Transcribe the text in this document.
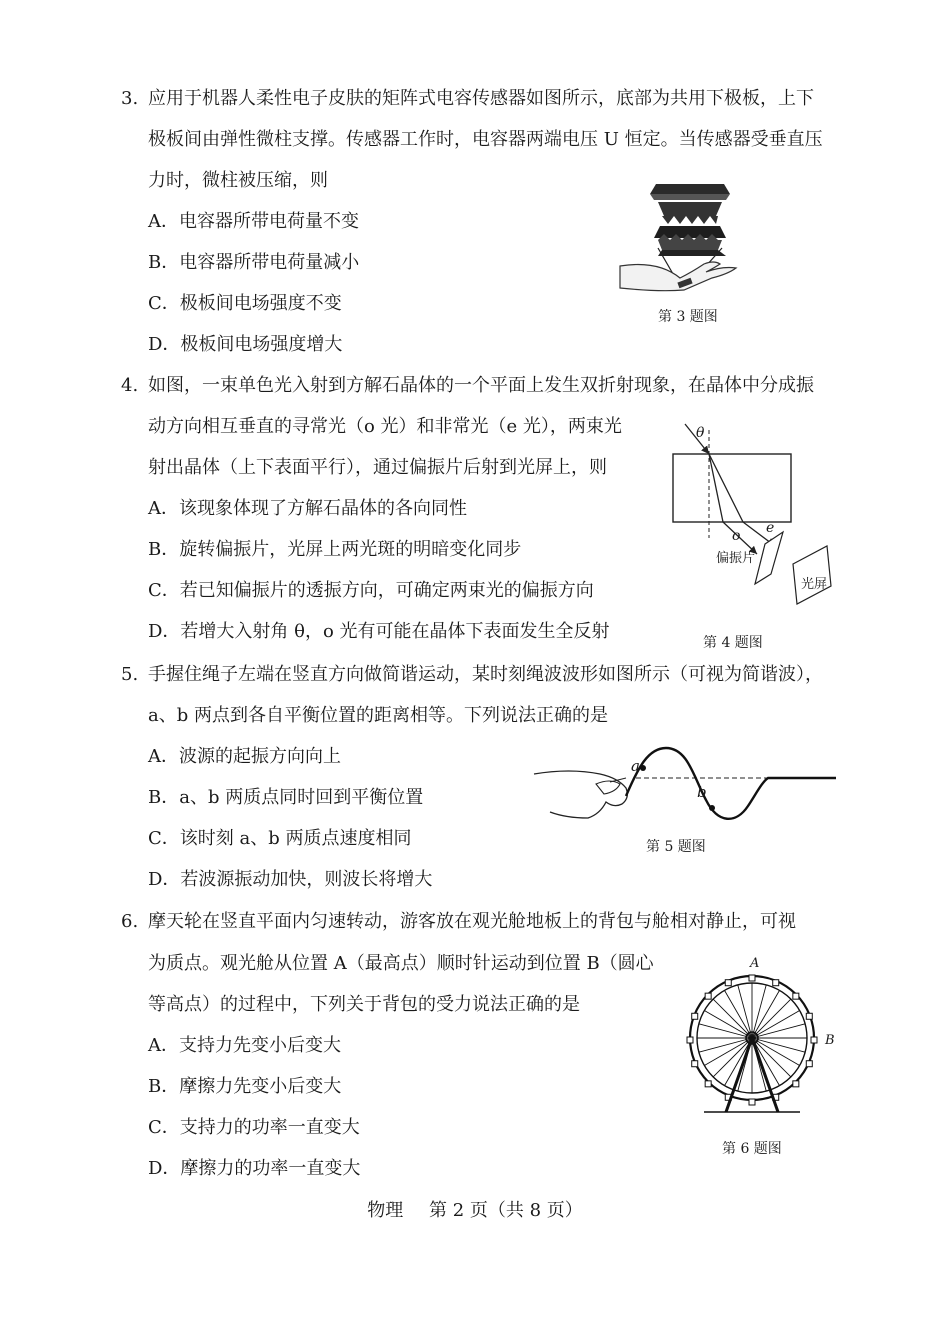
3. 应用于机器人柔性电子皮肤的矩阵式电容传感器如图所示，底部为共用下极板，上下
极板间由弹性微柱支撑。传感器工作时，电容器两端电压 U 恒定。当传感器受垂直压
力时，微柱被压缩，则
A．电容器所带电荷量不变
B．电容器所带电荷量减小
C．极板间电场强度不变
D．极板间电场强度增大
第 3 题图
4. 如图，一束单色光入射到方解石晶体的一个平面上发生双折射现象，在晶体中分成振
动方向相互垂直的寻常光（o 光）和非常光（e 光），两束光
射出晶体（上下表面平行），通过偏振片后射到光屏上，则
A．该现象体现了方解石晶体的各向同性
B．旋转偏振片，光屏上两光斑的明暗变化同步
C．若已知偏振片的透振方向，可确定两束光的偏振方向
D．若增大入射角 θ，o 光有可能在晶体下表面发生全反射
θ
o e
偏振片
光屏
第 4 题图
5. 手握住绳子左端在竖直方向做简谐运动，某时刻绳波波形如图所示（可视为简谐波），
a、b 两点到各自平衡位置的距离相等。下列说法正确的是
A．波源的起振方向向上
B．a、b 两质点同时回到平衡位置
C．该时刻 a、b 两质点速度相同
D．若波源振动加快，则波长将增大
a
b
第 5 题图
6. 摩天轮在竖直平面内匀速转动，游客放在观光舱地板上的背包与舱相对静止，可视
为质点。观光舱从位置 A（最高点）顺时针运动到位置 B（圆心
等高点）的过程中，下列关于背包的受力说法正确的是
A．支持力先变小后变大
B．摩擦力先变小后变大
C．支持力的功率一直变大
D．摩擦力的功率一直变大
A
B
第 6 题图
物理 第 2 页（共 8 页）
